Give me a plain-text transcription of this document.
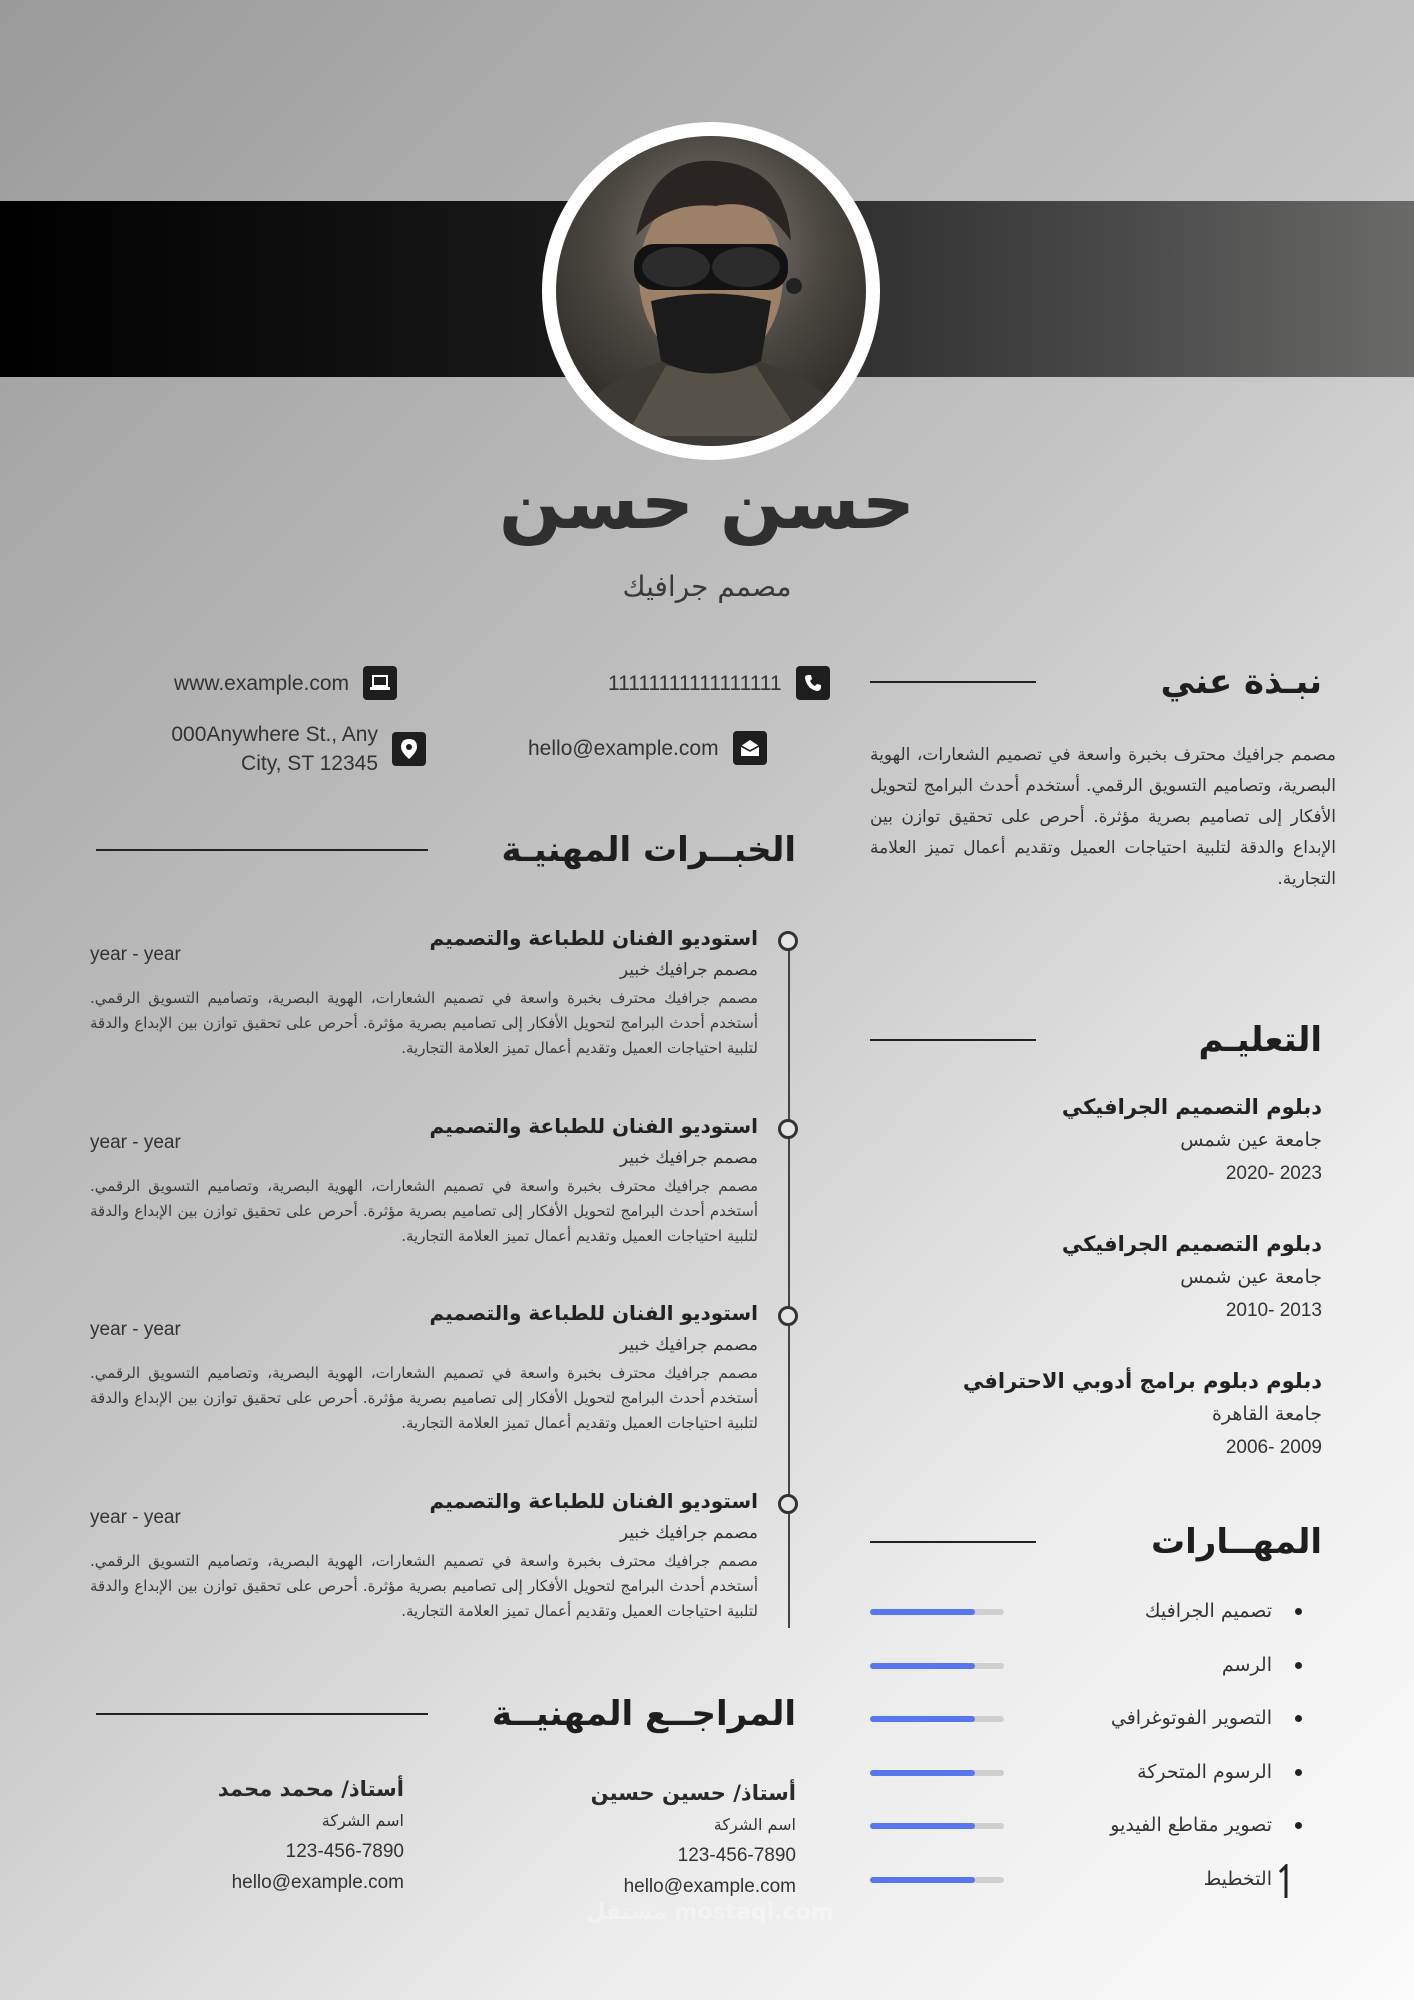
حسن حسن
مصمم جرافيك
11111111111111111
hello@example.com
www.example.com
000Anywhere St., Any City, ST 12345
نبـذة عني
مصمم جرافيك محترف بخبرة واسعة في تصميم الشعارات، الهوية البصرية، وتصاميم التسويق الرقمي. أستخدم أحدث البرامج لتحويل الأفكار إلى تصاميم بصرية مؤثرة. أحرص على تحقيق توازن بين الإبداع والدقة لتلبية احتياجات العميل وتقديم أعمال تميز العلامة التجارية.
التعليـم
دبلوم التصميم الجرافيكي
جامعة عين شمس
2020- 2023
دبلوم التصميم الجرافيكي
جامعة عين شمس
2010- 2013
دبلوم دبلوم برامج أدوبي الاحترافي
جامعة القاهرة
2006- 2009
المهــارات
تصميم الجرافيك
الرسم
التصوير الفوتوغرافي
الرسوم المتحركة
تصوير مقاطع الفيديو
التخطيط
الخبــرات المهنيـة
استوديو الفنان للطباعة والتصميم
مصمم جرافيك خبير
year - year
مصمم جرافيك محترف بخبرة واسعة في تصميم الشعارات، الهوية البصرية، وتصاميم التسويق الرقمي. أستخدم أحدث البرامج لتحويل الأفكار إلى تصاميم بصرية مؤثرة. أحرص على تحقيق توازن بين الإبداع والدقة لتلبية احتياجات العميل وتقديم أعمال تميز العلامة التجارية.
استوديو الفنان للطباعة والتصميم
مصمم جرافيك خبير
year - year
مصمم جرافيك محترف بخبرة واسعة في تصميم الشعارات، الهوية البصرية، وتصاميم التسويق الرقمي. أستخدم أحدث البرامج لتحويل الأفكار إلى تصاميم بصرية مؤثرة. أحرص على تحقيق توازن بين الإبداع والدقة لتلبية احتياجات العميل وتقديم أعمال تميز العلامة التجارية.
استوديو الفنان للطباعة والتصميم
مصمم جرافيك خبير
year - year
مصمم جرافيك محترف بخبرة واسعة في تصميم الشعارات، الهوية البصرية، وتصاميم التسويق الرقمي. أستخدم أحدث البرامج لتحويل الأفكار إلى تصاميم بصرية مؤثرة. أحرص على تحقيق توازن بين الإبداع والدقة لتلبية احتياجات العميل وتقديم أعمال تميز العلامة التجارية.
استوديو الفنان للطباعة والتصميم
مصمم جرافيك خبير
year - year
مصمم جرافيك محترف بخبرة واسعة في تصميم الشعارات، الهوية البصرية، وتصاميم التسويق الرقمي. أستخدم أحدث البرامج لتحويل الأفكار إلى تصاميم بصرية مؤثرة. أحرص على تحقيق توازن بين الإبداع والدقة لتلبية احتياجات العميل وتقديم أعمال تميز العلامة التجارية.
المراجــع المهنيــة
أستاذ/ حسين حسين
اسم الشركة
123-456-7890
hello@example.com
أستاذ/ محمد محمد
اسم الشركة
123-456-7890
hello@example.com
مستقل mostaql.com
